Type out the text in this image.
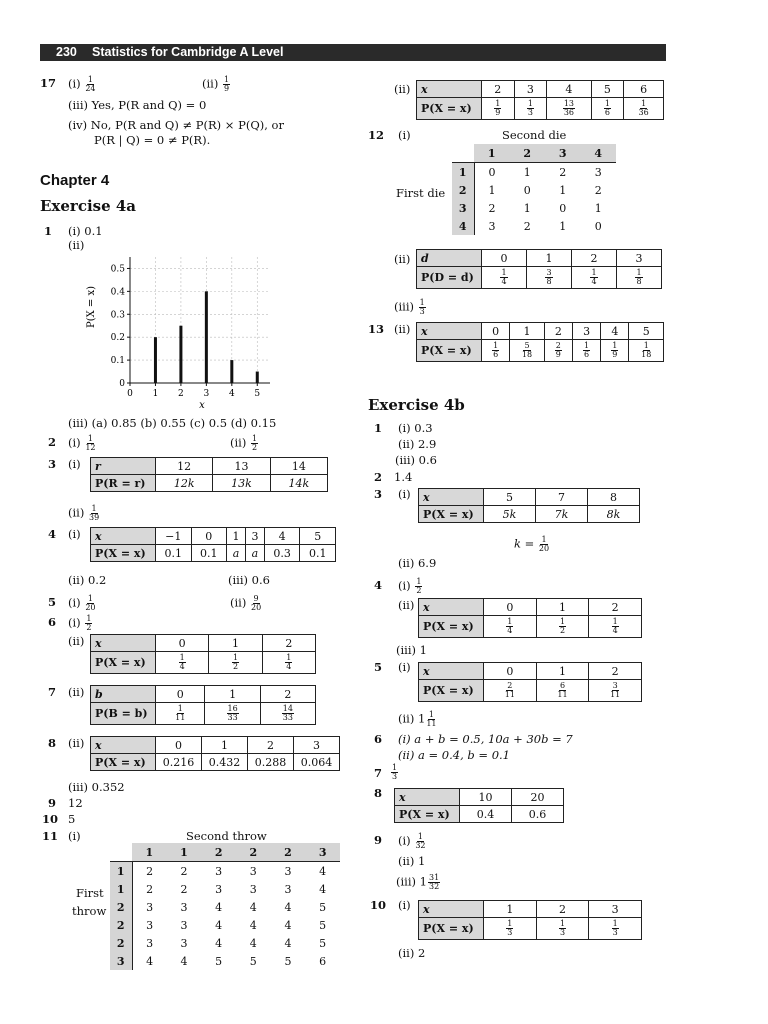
230 Statistics for Cambridge A Level
17 $(i) \frac{1}{24}$	$(ii) \frac{1}{9}$
(iii) Yes, P(R and Q) = 0
(iv) No, P(R and Q) ≠ P(R) × P(Q), or
P(R | Q) = 0 ≠ P(R).
Chapter 4
Exercise 4a
1 (i) 0.1
(ii)
0
0.1
0.2
0.3
0.4
0.5
0 1 2 3 4 5
P(X = x)
x
(iii) (a) 0.85 (b) 0.55 (c) 0.5 (d) 0.15
2 $(i) \frac{1}{12}$	$(ii) \frac{1}{2}$
3 (i) r	12	13	14
P(R = r)	12k	13k	14k
$(ii) \frac{1}{39}$
4 (i) x	−1	0	1	3	4	5
P(X = x)	0.1	0.1	a	a	0.3	0.1
(ii) 0.2	(iii) 0.6
5 $(i) \frac{1}{20}$	$(ii) \frac{9}{20}$
6 $(i) \frac{1}{2}$
(ii) x	0	1	2
P(X = x)	$\frac{1}{4}$	$\frac{1}{2}$	$\frac{1}{4}$
7 (ii) b	0	1	2
P(B = b)	$\frac{1}{11}$	$\frac{16}{33}$	$\frac{14}{33}$
8 (ii) x	0	1	2	3
P(X = x)	0.216	0.432	0.288	0.064
(iii) 0.352
9 12
10 5
11 (i)	Second throw
First
throw
	1	1	2	2	2	3
1	2	2	3	3	3	4
1	2	2	3	3	3	4
2	3	3	4	4	4	5
2	3	3	4	4	4	5
2	3	3	4	4	4	5
3	4	4	5	5	5	6
(ii) x	2	3	4	5	6
P(X = x)	$\frac{1}{9}$	$\frac{1}{3}$	$\frac{13}{36}$	$\frac{1}{6}$	$\frac{1}{36}$
12 (i)	Second die
First die
	1	2	3	4
1	0	1	2	3
2	1	0	1	2
3	2	1	0	1
4	3	2	1	0
(ii) d	0	1	2	3
P(D = d)	$\frac{1}{4}$	$\frac{3}{8}$	$\frac{1}{4}$	$\frac{1}{8}$
$(iii) \frac{1}{3}$
13 (ii) x	0	1	2	3	4	5
P(X = x)	$\frac{1}{6}$	$\frac{5}{18}$	$\frac{2}{9}$	$\frac{1}{6}$	$\frac{1}{9}$	$\frac{1}{18}$
Exercise 4b
1 (i) 0.3
(ii) 2.9
(iii) 0.6
2 1.4
3 (i) x	5	7	8
P(X = x)	5k	7k	8k
$k = \frac{1}{20}$
(ii) 6.9
4 $(i) \frac{1}{2}$
(ii) x	0	1	2
P(X = x)	$\frac{1}{4}$	$\frac{1}{2}$	$\frac{1}{4}$
(iii) 1
5 (i) x	0	1	2
P(X = x)	$\frac{2}{11}$	$\frac{6}{11}$	$\frac{3}{11}$
(ii) $1 \frac{1}{11}$
6 (i) a + b = 0.5, 10a + 30b = 7
(ii) a = 0.4, b = 0.1
$7 \frac{1}{3}$
8 x	10	20
P(X = x)	0.4	0.6
9 $(i) \frac{1}{32}$
(ii) 1
(iii) $1 \frac{31}{32}$
10 (i) x	1	2	3
P(X = x)	$\frac{1}{3}$	$\frac{1}{3}$	$\frac{1}{3}$
(ii) 2
